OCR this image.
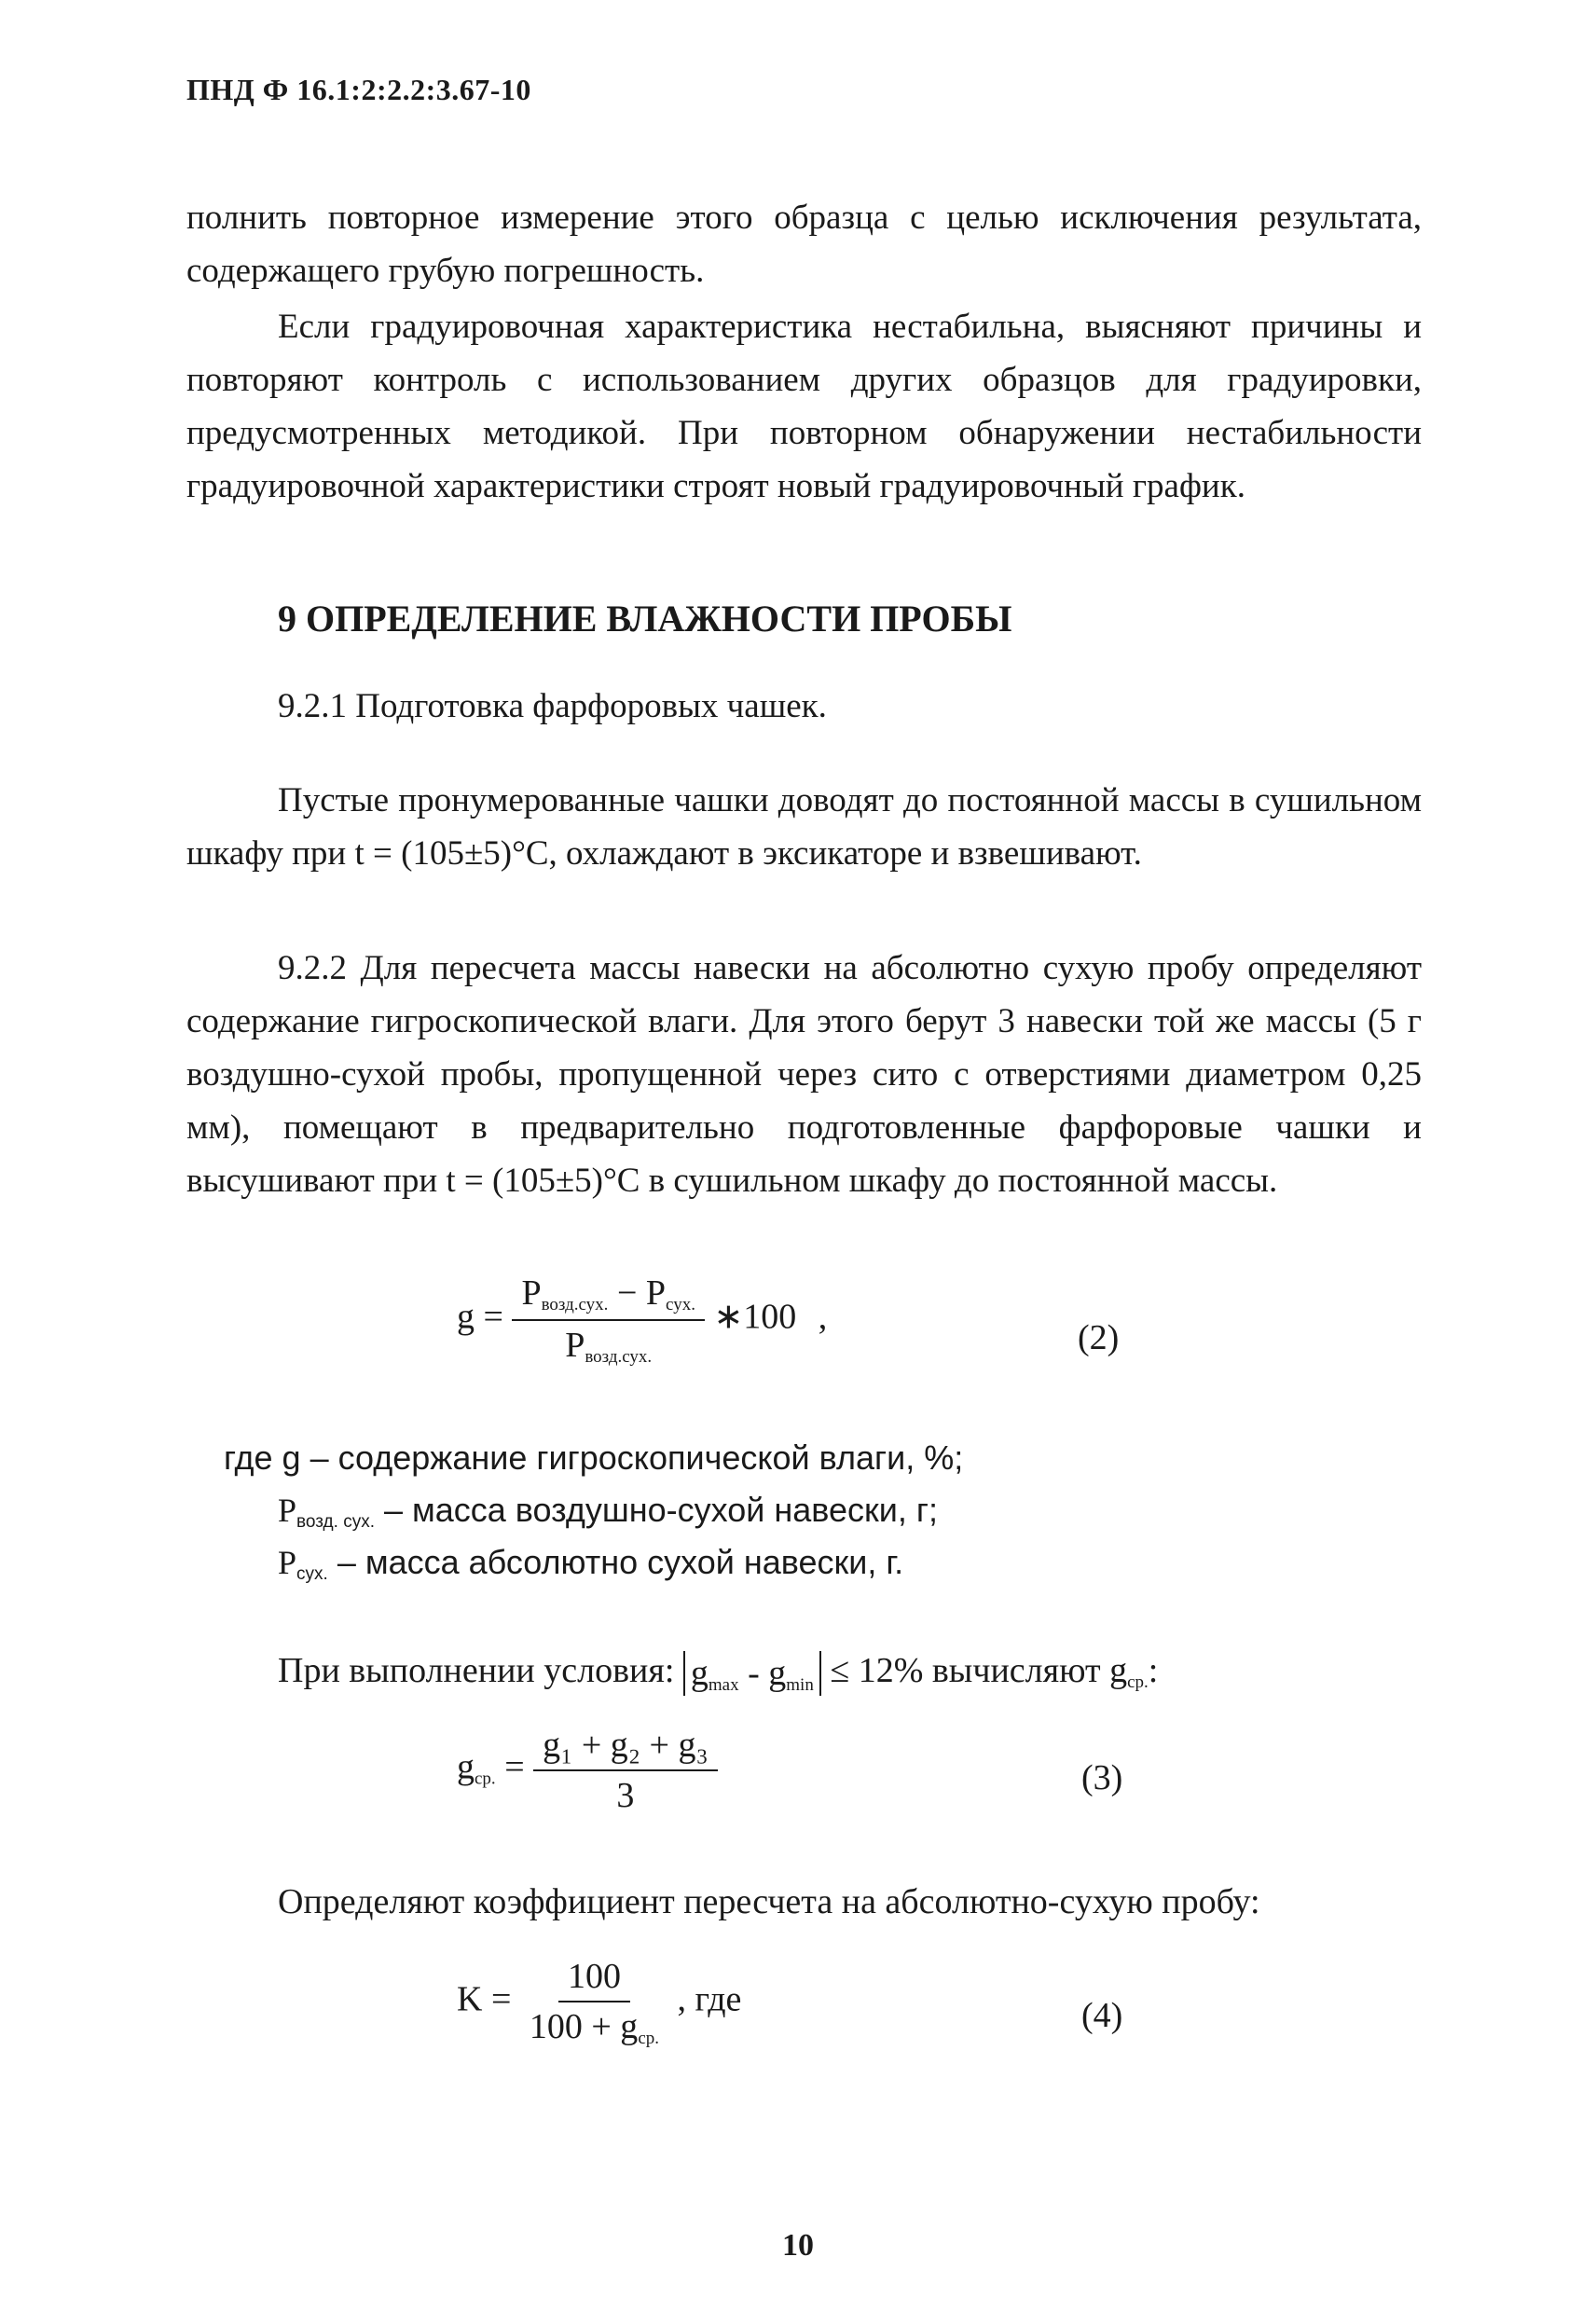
ПНД Ф 16.1:2:2.2:3.67-10
полнить повторное измерение этого образца с целью исключения результата, содержащего грубую погрешность.
Если градуировочная характеристика нестабильна, выясняют причины и повторяют контроль с использованием других образцов для градуировки, предусмотренных методикой. При повторном обнаружении нестабильности градуировочной характеристики строят новый градуировочный график.
9 ОПРЕДЕЛЕНИЕ ВЛАЖНОСТИ ПРОБЫ
9.2.1 Подготовка фарфоровых чашек.
Пустые пронумерованные чашки доводят до постоянной массы в сушильном шкафу при t = (105±5)°С, охлаждают в эксикаторе и взвешивают.
9.2.2 Для пересчета массы навески на абсолютно сухую пробу определяют содержание гигроскопической влаги. Для этого берут 3 навески той же массы (5 г воздушно-сухой пробы, пропущенной через сито с отверстиями диаметром 0,25 мм), помещают в предварительно подготовленные фарфоровые чашки и высушивают при t = (105±5)°С в сушильном шкафу до постоянной массы.
$g = \frac{P_{возд.сух.} - P_{сух.}}{P_{возд.сух.}}$ ∗100 ,
(2)
где g – содержание гигроскопической влаги, %;
$P_{возд. сух.}$ – масса воздушно-сухой навески, г;
$P_{сух.}$ – масса абсолютно сухой навески, г.
При выполнении условия: $g_{max} - g_{min} \le 12\%$ вычисляют $g_{ср.}$:
$g_{ср.} = \frac{\text{g₁ + g₂ + g₃}}{3}$	(3)
Определяют коэффициент пересчета на абсолютно-сухую пробу:
$K = \frac{100}{100 + g_{ср.}}$ , где	(4)
10
